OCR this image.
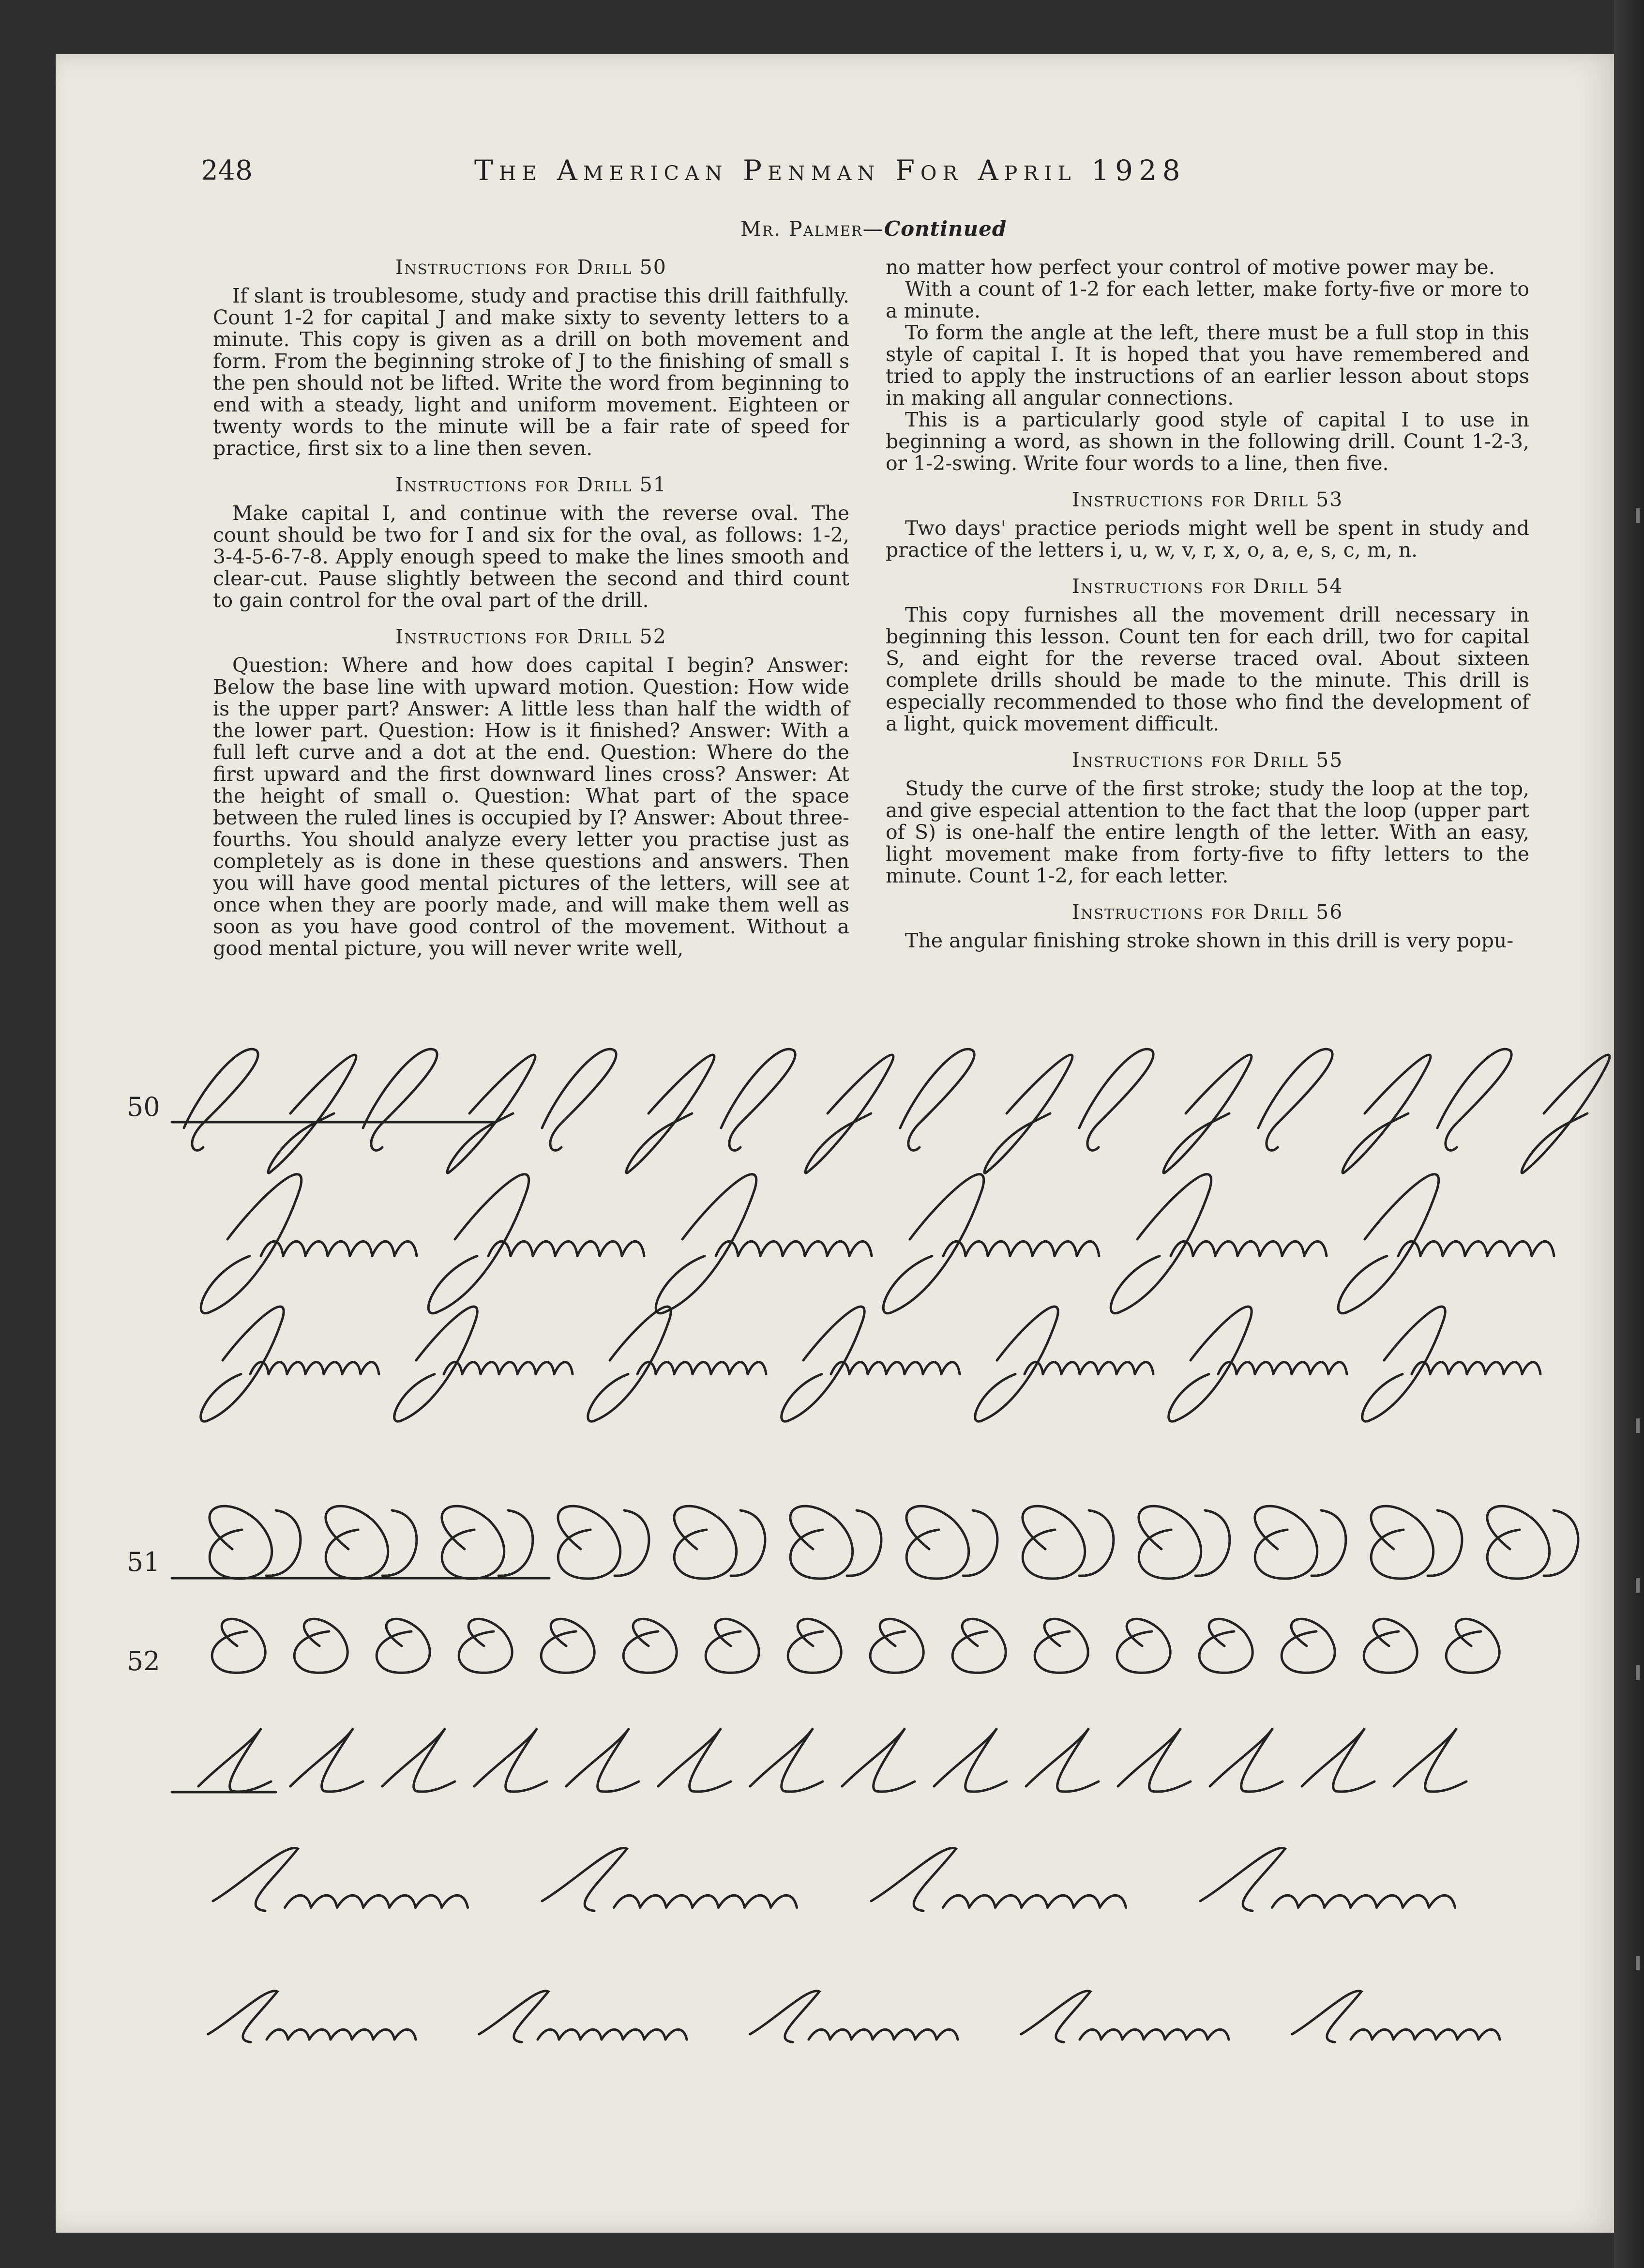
248	The American Penman For April 1928
Mr. Palmer—Continued
Instructions for Drill 50

If slant is troublesome, study and practise this drill faithfully. Count 1-2 for capital J and make sixty to seventy letters to a minute. This copy is given as a drill on both movement and form. From the beginning stroke of J to the finishing of small s the pen should not be lifted. Write the word from beginning to end with a steady, light and uniform movement. Eighteen or twenty words to the minute will be a fair rate of speed for practice, first six to a line then seven.

Instructions for Drill 51

Make capital I, and continue with the reverse oval. The count should be two for I and six for the oval, as follows: 1-2, 3-4-5-6-7-8. Apply enough speed to make the lines smooth and clear-cut. Pause slightly between the second and third count to gain control for the oval part of the drill.

Instructions for Drill 52

Question: Where and how does capital I begin? Answer: Below the base line with upward motion. Question: How wide is the upper part? Answer: A little less than half the width of the lower part. Question: How is it finished? Answer: With a full left curve and a dot at the end. Question: Where do the first upward and the first downward lines cross? Answer: At the height of small o. Question: What part of the space between the ruled lines is occupied by I? Answer: About three-fourths. You should analyze every letter you practise just as completely as is done in these questions and answers. Then you will have good mental pictures of the letters, will see at once when they are poorly made, and will make them well as soon as you have good control of the movement. Without a good mental picture, you will never write well,

no matter how perfect your control of motive power may be.

With a count of 1-2 for each letter, make forty-five or more to a minute.

To form the angle at the left, there must be a full stop in this style of capital I. It is hoped that you have remembered and tried to apply the instructions of an earlier lesson about stops in making all angular connections.

This is a particularly good style of capital I to use in beginning a word, as shown in the following drill. Count 1-2-3, or 1-2-swing. Write four words to a line, then five.

Instructions for Drill 53

Two days' practice periods might well be spent in study and practice of the letters i, u, w, v, r, x, o, a, e, s, c, m, n.

Instructions for Drill 54

This copy furnishes all the movement drill necessary in beginning this lesson. Count ten for each drill, two for capital S, and eight for the reverse traced oval. About sixteen complete drills should be made to the minute. This drill is especially recommended to those who find the development of a light, quick movement difficult.

Instructions for Drill 55

Study the curve of the first stroke; study the loop at the top, and give especial attention to the fact that the loop (upper part of S) is one-half the entire length of the letter. With an easy, light movement make from forty-five to fifty letters to the minute. Count 1-2, for each letter.

Instructions for Drill 56

The angular finishing stroke shown in this drill is very popu-

50
51
52
